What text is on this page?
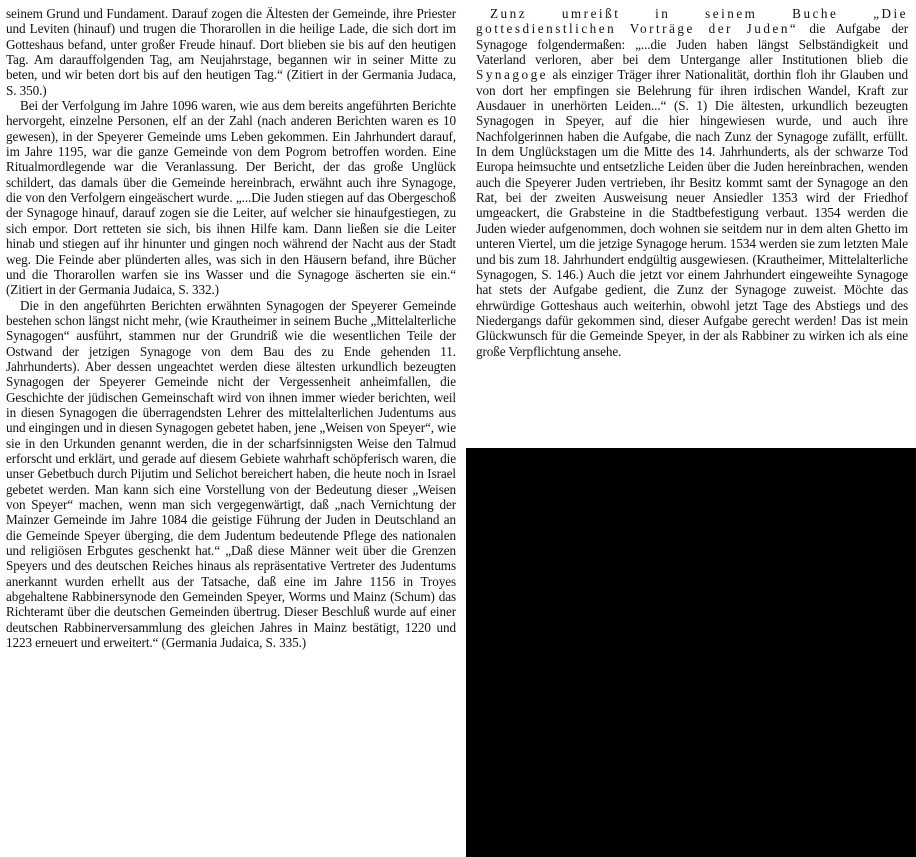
seinem Grund und Fundament. Darauf zogen die Ältesten der Gemeinde, ihre Priester und Leviten (hinauf) und trugen die Thorarollen in die heilige Lade, die sich dort im Gotteshaus befand, unter großer Freude hinauf. Dort blieben sie bis auf den heutigen Tag. Am darauffolgenden Tag, am Neujahrstage, begannen wir in seiner Mitte zu beten, und wir beten dort bis auf den heutigen Tag.“ (Zitiert in der Germania Judaca, S. 350.)

Bei der Verfolgung im Jahre 1096 waren, wie aus dem bereits angeführten Berichte hervorgeht, einzelne Personen, elf an der Zahl (nach anderen Berichten waren es 10 gewesen), in der Speyerer Gemeinde ums Leben gekommen. Ein Jahrhundert darauf, im Jahre 1195, war die ganze Gemeinde von dem Pogrom betroffen worden. Eine Ritualmordlegende war die Veranlassung. Der Bericht, der das große Unglück schildert, das damals über die Gemeinde hereinbrach, erwähnt auch ihre Synagoge, die von den Verfolgern eingeäschert wurde. „...Die Juden stiegen auf das Obergeschoß der Synagoge hinauf, darauf zogen sie die Leiter, auf welcher sie hinaufgestiegen, zu sich empor. Dort retteten sie sich, bis ihnen Hilfe kam. Dann ließen sie die Leiter hinab und stiegen auf ihr hinunter und gingen noch während der Nacht aus der Stadt weg. Die Feinde aber plünderten alles, was sich in den Häusern befand, ihre Bücher und die Thorarollen warfen sie ins Wasser und die Synagoge äscherten sie ein.“ (Zitiert in der Germania Judaica, S. 332.)

Die in den angeführten Berichten erwähnten Synagogen der Speyerer Gemeinde bestehen schon längst nicht mehr, (wie Krautheimer in seinem Buche „Mittelalterliche Synagogen“ ausführt, stammen nur der Grundriß wie die wesentlichen Teile der Ostwand der jetzigen Synagoge von dem Bau des zu Ende gehenden 11. Jahrhunderts). Aber dessen ungeachtet werden diese ältesten urkundlich bezeugten Synagogen der Speyerer Gemeinde nicht der Vergessenheit anheimfallen, die Geschichte der jüdischen Gemeinschaft wird von ihnen immer wieder berichten, weil in diesen Synagogen die überragendsten Lehrer des mittelalterlichen Judentums aus und eingingen und in diesen Synagogen gebetet haben, jene „Weisen von Speyer“, wie sie in den Urkunden genannt werden, die in der scharfsinnigsten Weise den Talmud erforscht und erklärt, und gerade auf diesem Gebiete wahrhaft schöpferisch waren, die unser Gebetbuch durch Pijutim und Selichot bereichert haben, die heute noch in Israel gebetet werden. Man kann sich eine Vorstellung von der Bedeutung dieser „Weisen von Speyer“ machen, wenn man sich vergegenwärtigt, daß „nach Vernichtung der Mainzer Gemeinde im Jahre 1084 die geistige Führung der Juden in Deutschland an die Gemeinde Speyer überging, die dem Judentum bedeutende Pflege des nationalen und religiösen Erbgutes geschenkt hat.“ „Daß diese Männer weit über die Grenzen Speyers und des deutschen Reiches hinaus als repräsentative Vertreter des Judentums anerkannt wurden erhellt aus der Tatsache, daß eine im Jahre 1156 in Troyes abgehaltene Rabbinersynode den Gemeinden Speyer, Worms und Mainz (Schum) das Richteramt über die deutschen Gemeinden übertrug. Dieser Beschluß wurde auf einer deutschen Rabbinerversammlung des gleichen Jahres in Mainz bestätigt, 1220 und 1223 erneuert und erweitert.“ (Germania Judaica, S. 335.)

Zunz umreißt in seinem Buche „Die gottesdienstlichen Vorträge der Juden“ die Aufgabe der Synagoge folgendermaßen: „...die Juden haben längst Selbständigkeit und Vaterland verloren, aber bei dem Untergange aller Institutionen blieb die Synagoge als einziger Träger ihrer Nationalität, dorthin floh ihr Glauben und von dort her empfingen sie Belehrung für ihren irdischen Wandel, Kraft zur Ausdauer in unerhörten Leiden...“ (S. 1) Die ältesten, urkundlich bezeugten Synagogen in Speyer, auf die hier hingewiesen wurde, und auch ihre Nachfolgerinnen haben die Aufgabe, die nach Zunz der Synagoge zufällt, erfüllt. In dem Unglückstagen um die Mitte des 14. Jahrhunderts, als der schwarze Tod Europa heimsuchte und entsetzliche Leiden über die Juden hereinbrachen, wenden auch die Speyerer Juden vertrieben, ihr Besitz kommt samt der Synagoge an den Rat, bei der zweiten Ausweisung neuer Ansiedler 1353 wird der Friedhof umgeackert, die Grabsteine in die Stadtbefestigung verbaut. 1354 werden die Juden wieder aufgenommen, doch wohnen sie seitdem nur in dem alten Ghetto im unteren Viertel, um die jetzige Synagoge herum. 1534 werden sie zum letzten Male und bis zum 18. Jahrhundert endgültig ausgewiesen. (Krautheimer, Mittelalterliche Synagogen, S. 146.) Auch die jetzt vor einem Jahrhundert eingeweihte Synagoge hat stets der Aufgabe gedient, die Zunz der Synagoge zuweist. Möchte das ehrwürdige Gotteshaus auch weiterhin, obwohl jetzt Tage des Abstiegs und des Niedergangs dafür gekommen sind, dieser Aufgabe gerecht werden! Das ist mein Glückwunsch für die Gemeinde Speyer, in der als Rabbiner zu wirken ich als eine große Verpflichtung ansehe.
